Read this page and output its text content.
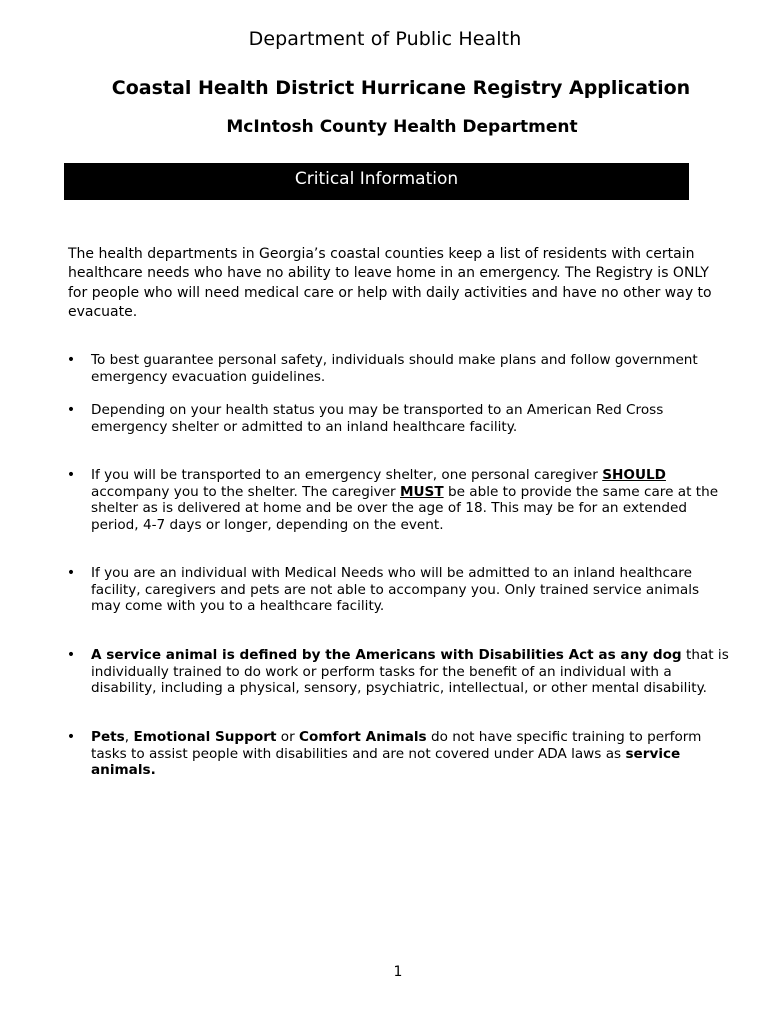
Department of Public Health
Coastal Health District Hurricane Registry Application
McIntosh County Health Department
Critical Information

The health departments in Georgia’s coastal counties keep a list of residents with certain healthcare needs who have no ability to leave home in an emergency. The Registry is ONLY for people who will need medical care or help with daily activities and have no other way to evacuate.

• To best guarantee personal safety, individuals should make plans and follow government emergency evacuation guidelines.
• Depending on your health status you may be transported to an American Red Cross emergency shelter or admitted to an inland healthcare facility.
• If you will be transported to an emergency shelter, one personal caregiver SHOULD accompany you to the shelter. The caregiver MUST be able to provide the same care at the shelter as is delivered at home and be over the age of 18. This may be for an extended period, 4-7 days or longer, depending on the event.
• If you are an individual with Medical Needs who will be admitted to an inland healthcare facility, caregivers and pets are not able to accompany you. Only trained service animals may come with you to a healthcare facility.
• A service animal is defined by the Americans with Disabilities Act as any dog that is individually trained to do work or perform tasks for the benefit of an individual with a disability, including a physical, sensory, psychiatric, intellectual, or other mental disability.
• Pets, Emotional Support or Comfort Animals do not have specific training to perform tasks to assist people with disabilities and are not covered under ADA laws as service animals.
1
